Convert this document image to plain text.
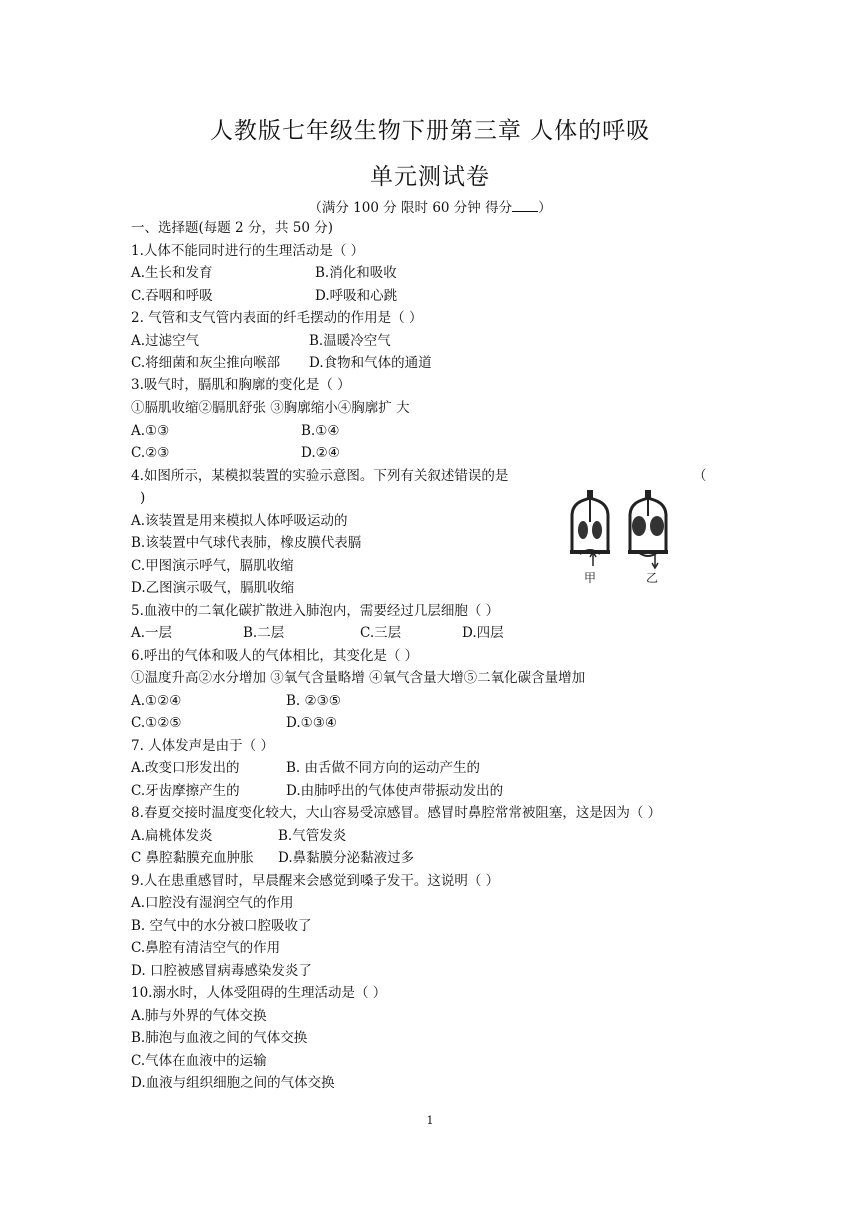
人教版七年级生物下册第三章 人体的呼吸
单元测试卷
（满分 100 分 限时 60 分钟 得分 ）
一、选择题(每题 2 分，共 50 分)
1.人体不能同时进行的生理活动是（ ）
A.生长和发育	B.消化和吸收
C.吞咽和呼吸	D.呼吸和心跳
2. 气管和支气管内表面的纤毛摆动的作用是（ ）
A.过滤空气	B.温暖冷空气
C.将细菌和灰尘推向喉部 D.食物和气体的通道
3.吸气时，膈肌和胸廓的变化是（ ）
①膈肌收缩②膈肌舒张 ③胸廓缩小④胸廓扩 大
A.①③	B.①④
C.②③	D.②④
4.如图所示，某模拟装置的实验示意图。下列有关叙述错误的是	（
)
A.该装置是用来模拟人体呼吸运动的
B.该装置中气球代表肺，橡皮膜代表膈
C.甲图演示呼气，膈肌收缩
D.乙图演示吸气，膈肌收缩
甲	乙
5.血液中的二氧化碳扩散进入肺泡内，需要经过几层细胞（ ）
A.一层	B.二层	C.三层	D.四层
6.呼出的气体和吸人的气体相比，其变化是（ ）
①温度升高②水分增加 ③氧气含量略增 ④氧气含量大增⑤二氧化碳含量增加
A.①②④	B. ②③⑤
C.①②⑤	D.①③④
7. 人体发声是由于（ ）
A.改变口形发出的	B. 由舌做不同方向的运动产生的
C.牙齿摩擦产生的	D.由肺呼出的气体使声带振动发出的
8.春夏交接时温度变化较大，大山容易受凉感冒。感冒时鼻腔常常被阻塞，这是因为（ ）
A.扁桃体发炎	B.气管发炎
C 鼻腔黏膜充血肿胀 D.鼻黏膜分泌黏液过多
9.人在患重感冒时，早晨醒来会感觉到嗓子发干。这说明（ ）
A.口腔没有湿润空气的作用
B. 空气中的水分被口腔吸收了
C.鼻腔有清洁空气的作用
D. 口腔被感冒病毒感染发炎了
10.溺水时，人体受阻碍的生理活动是（ ）
A.肺与外界的气体交换
B.肺泡与血液之间的气体交换
C.气体在血液中的运输
D.血液与组织细胞之间的气体交换
1
